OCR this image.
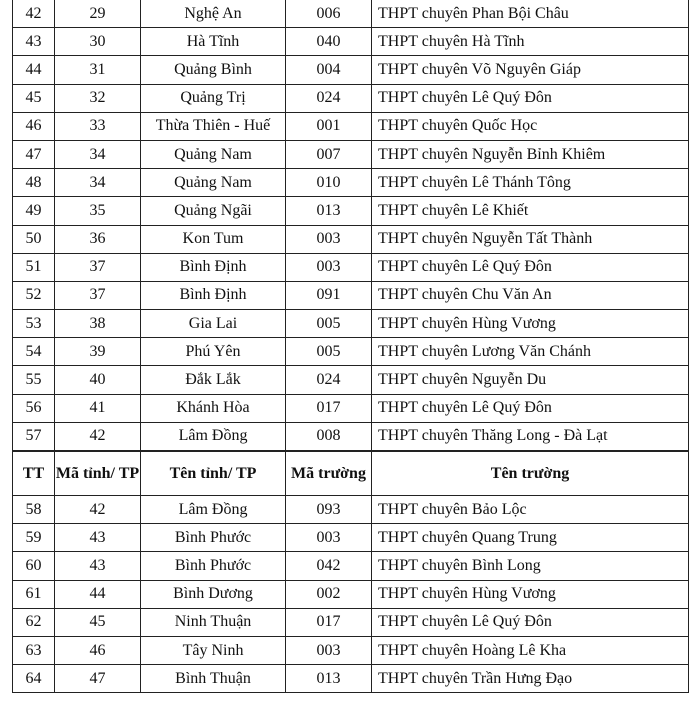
42	29	Nghệ An	006	THPT chuyên Phan Bội Châu
43	30	Hà Tĩnh	040	THPT chuyên Hà Tĩnh
44	31	Quảng Bình	004	THPT chuyên Võ Nguyên Giáp
45	32	Quảng Trị	024	THPT chuyên Lê Quý Đôn
46	33	Thừa Thiên - Huế	001	THPT chuyên Quốc Học
47	34	Quảng Nam	007	THPT chuyên Nguyễn Bỉnh Khiêm
48	34	Quảng Nam	010	THPT chuyên Lê Thánh Tông
49	35	Quảng Ngãi	013	THPT chuyên Lê Khiết
50	36	Kon Tum	003	THPT chuyên Nguyễn Tất Thành
51	37	Bình Định	003	THPT chuyên Lê Quý Đôn
52	37	Bình Định	091	THPT chuyên Chu Văn An
53	38	Gia Lai	005	THPT chuyên Hùng Vương
54	39	Phú Yên	005	THPT chuyên Lương Văn Chánh
55	40	Đắk Lắk	024	THPT chuyên Nguyễn Du
56	41	Khánh Hòa	017	THPT chuyên Lê Quý Đôn
57	42	Lâm Đồng	008	THPT chuyên Thăng Long - Đà Lạt
TT	Mã tỉnh/ TP	Tên tỉnh/ TP	Mã trường	Tên trường
58	42	Lâm Đồng	093	THPT chuyên Bảo Lộc
59	43	Bình Phước	003	THPT chuyên Quang Trung
60	43	Bình Phước	042	THPT chuyên Bình Long
61	44	Bình Dương	002	THPT chuyên Hùng Vương
62	45	Ninh Thuận	017	THPT chuyên Lê Quý Đôn
63	46	Tây Ninh	003	THPT chuyên Hoàng Lê Kha
64	47	Bình Thuận	013	THPT chuyên Trần Hưng Đạo
